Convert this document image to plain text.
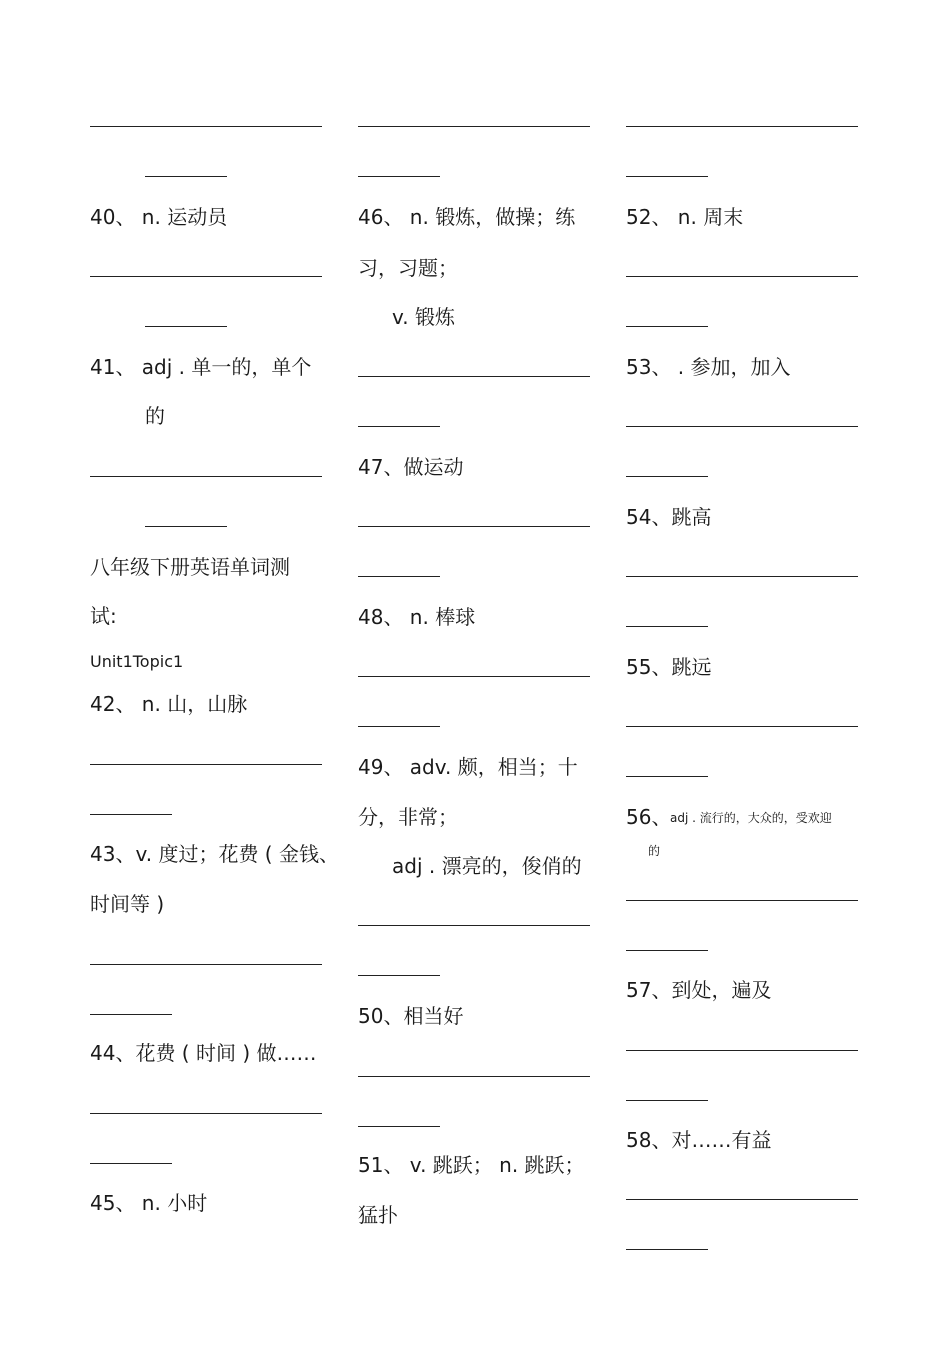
40、 n. 运动员
41、 adj . 单一的，单个
的
八年级下册英语单词测
试:
Unit1Topic1
42、 n. 山，山脉
43、v. 度过；花费 ( 金钱、
时间等 )
44、花费 ( 时间 ) 做……
45、 n. 小时
46、 n. 锻炼，做操；练
习，习题；
v. 锻炼
47、做运动
48、 n. 棒球
49、 adv. 颇，相当；十
分，非常；
adj . 漂亮的，俊俏的
50、相当好
51、 v. 跳跃； n. 跳跃；
猛扑
52、 n. 周末
53、 . 参加，加入
54、跳高
55、跳远
56、
adj . 流行的，大众的，受欢迎
的
57、到处，遍及
58、对……有益
